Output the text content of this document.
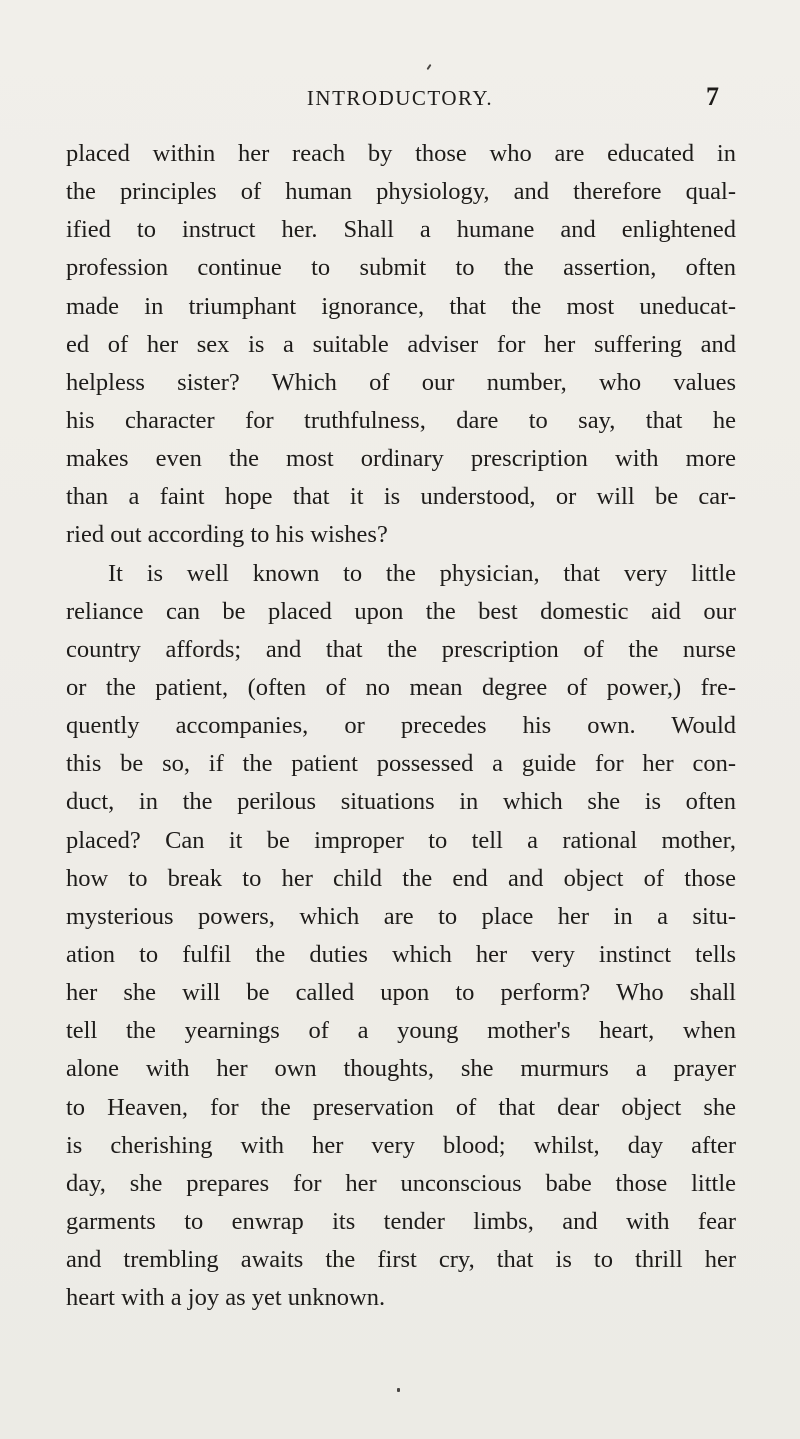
INTRODUCTORY.	7
placed within her reach by those who are educated in
the principles of human physiology, and therefore qual-
ified to instruct her. Shall a humane and enlightened
profession continue to submit to the assertion, often
made in triumphant ignorance, that the most uneducat-
ed of her sex is a suitable adviser for her suffering and
helpless sister? Which of our number, who values
his character for truthfulness, dare to say, that he
makes even the most ordinary prescription with more
than a faint hope that it is understood, or will be car-
ried out according to his wishes?
It is well known to the physician, that very little
reliance can be placed upon the best domestic aid our
country affords; and that the prescription of the nurse
or the patient, (often of no mean degree of power,) fre-
quently accompanies, or precedes his own. Would
this be so, if the patient possessed a guide for her con-
duct, in the perilous situations in which she is often
placed? Can it be improper to tell a rational mother,
how to break to her child the end and object of those
mysterious powers, which are to place her in a situ-
ation to fulfil the duties which her very instinct tells
her she will be called upon to perform? Who shall
tell the yearnings of a young mother's heart, when
alone with her own thoughts, she murmurs a prayer
to Heaven, for the preservation of that dear object she
is cherishing with her very blood; whilst, day after
day, she prepares for her unconscious babe those little
garments to enwrap its tender limbs, and with fear
and trembling awaits the first cry, that is to thrill her
heart with a joy as yet unknown.
